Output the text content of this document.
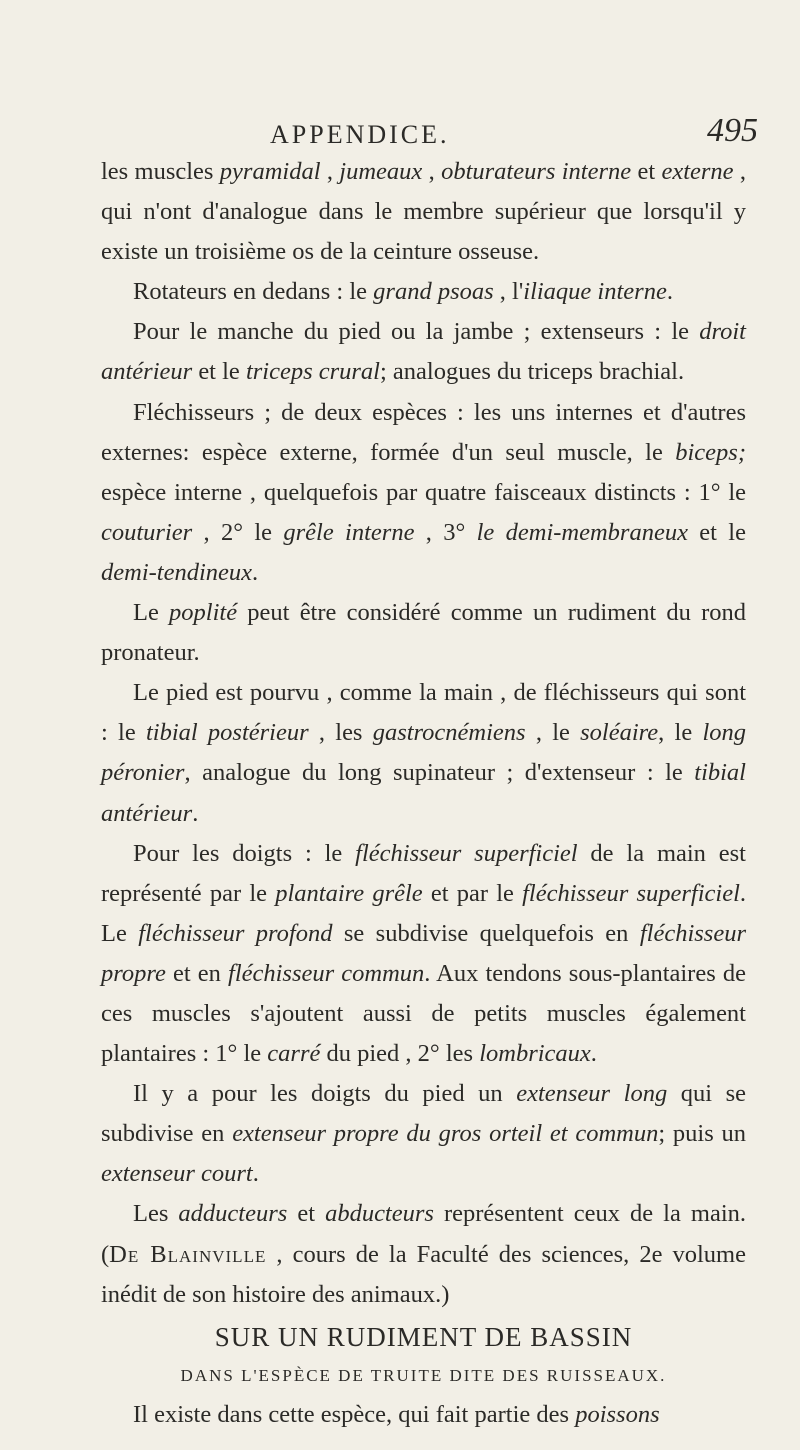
APPENDICE.	495

les muscles pyramidal , jumeaux , obturateurs interne et externe , qui n'ont d'analogue dans le membre supérieur que lorsqu'il y existe un troisième os de la ceinture osseuse.

Rotateurs en dedans : le grand psoas , l'iliaque interne.

Pour le manche du pied ou la jambe ; extenseurs : le droit antérieur et le triceps crural; analogues du triceps brachial.

Fléchisseurs ; de deux espèces : les uns internes et d'autres externes: espèce externe, formée d'un seul muscle, le biceps; espèce interne , quelquefois par quatre faisceaux distincts : 1° le couturier , 2° le grêle interne , 3° le demi-membraneux et le demi-tendineux.

Le poplité peut être considéré comme un rudiment du rond pronateur.

Le pied est pourvu , comme la main , de fléchisseurs qui sont : le tibial postérieur , les gastrocnémiens , le soléaire, le long péronier, analogue du long supinateur ; d'extenseur : le tibial antérieur.

Pour les doigts : le fléchisseur superficiel de la main est représenté par le plantaire grêle et par le fléchisseur superficiel. Le fléchisseur profond se subdivise quelquefois en fléchisseur propre et en fléchisseur commun. Aux tendons sous-plantaires de ces muscles s'ajoutent aussi de petits muscles également plantaires : 1° le carré du pied , 2° les lombricaux.

Il y a pour les doigts du pied un extenseur long qui se subdivise en extenseur propre du gros orteil et commun; puis un extenseur court.

Les adducteurs et abducteurs représentent ceux de la main. (De Blainville , cours de la Faculté des sciences, 2e volume inédit de son histoire des animaux.)

SUR UN RUDIMENT DE BASSIN
DANS L'ESPÈCE DE TRUITE DITE DES RUISSEAUX.

Il existe dans cette espèce, qui fait partie des poissons
